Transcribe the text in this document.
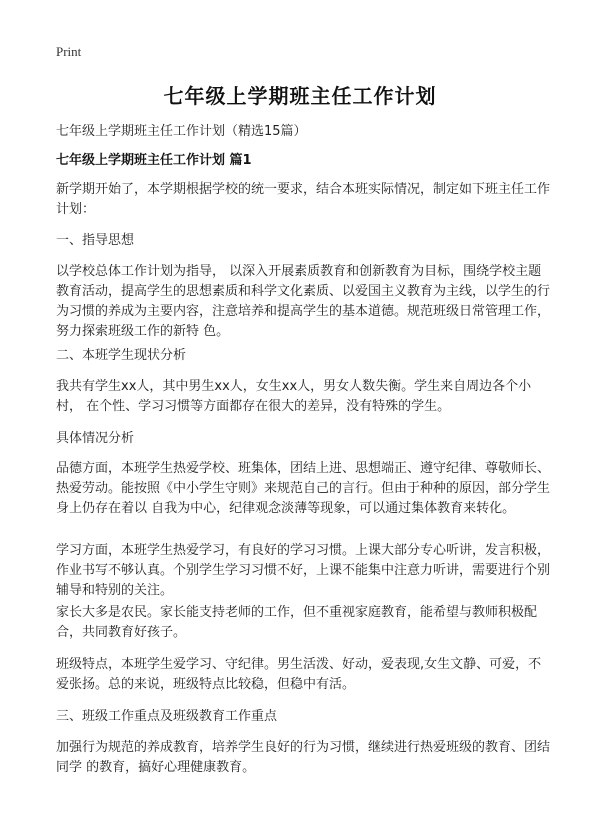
Print
七年级上学期班主任工作计划
七年级上学期班主任工作计划（精选15篇）
七年级上学期班主任工作计划 篇1
新学期开始了，本学期根据学校的统一要求，结合本班实际情况，制定如下班主任工作计划：
一、指导思想
以学校总体工作计划为指导， 以深入开展素质教育和创新教育为目标，围绕学校主题教育活动，提高学生的思想素质和科学文化素质、以爱国主义教育为主线，以学生的行为习惯的养成为主要内容，注意培养和提高学生的基本道德。规范班级日常管理工作，努力探索班级工作的新特 色。
二、本班学生现状分析
我共有学生xx人，其中男生xx人，女生xx人，男女人数失衡。学生来自周边各个小村， 在个性、学习习惯等方面都存在很大的差异，没有特殊的学生。
具体情况分析
品德方面，本班学生热爱学校、班集体，团结上进、思想端正、遵守纪律、尊敬师长、热爱劳动。能按照《中小学生守则》来规范自己的言行。但由于种种的原因，部分学生身上仍存在着以 自我为中心，纪律观念淡薄等现象，可以通过集体教育来转化。
学习方面，本班学生热爱学习，有良好的学习习惯。上课大部分专心听讲，发言积极，作业书写不够认真。个别学生学习习惯不好，上课不能集中注意力听讲，需要进行个别辅导和特别的关注。
家长大多是农民。家长能支持老师的工作，但不重视家庭教育，能希望与教师积极配合，共同教育好孩子。
班级特点，本班学生爱学习、守纪律。男生活泼、好动，爱表现,女生文静、可爱，不爱张扬。总的来说，班级特点比较稳，但稳中有活。
三、班级工作重点及班级教育工作重点
加强行为规范的养成教育，培养学生良好的行为习惯，继续进行热爱班级的教育、团结同学 的教育，搞好心理健康教育。
